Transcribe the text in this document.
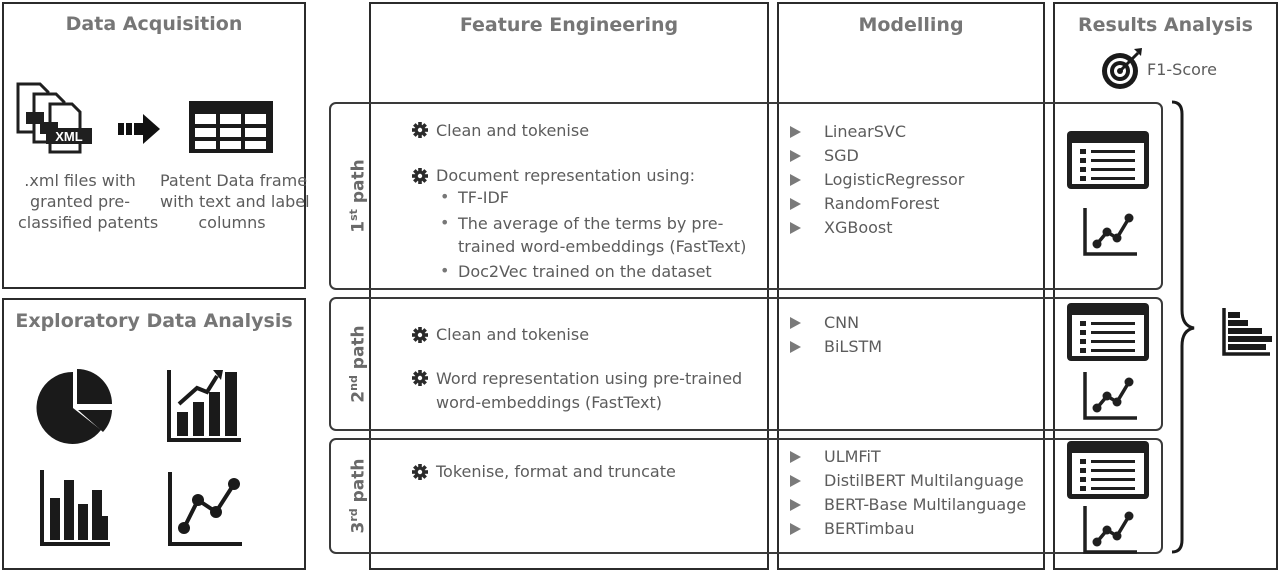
Data Acquisition
XML
.xml files with
granted pre-
classified patents
Patent Data frame
with text and label
columns
Exploratory Data Analysis
Feature Engineering	Modelling	Results Analysis
F1-Score
1st path
2nd path
3rd path
Clean and tokenise
Document representation using:
• TF-IDF
• The average of the terms by pre-
trained word-embeddings (FastText)
• Doc2Vec trained on the dataset
LinearSVC
SGD
LogisticRegressor
RandomForest
XGBoost
Clean and tokenise
Word representation using pre-trained
word-embeddings (FastText)
CNN
BiLSTM
Tokenise, format and truncate
ULMFiT
DistilBERT Multilanguage
BERT-Base Multilanguage
BERTimbau
